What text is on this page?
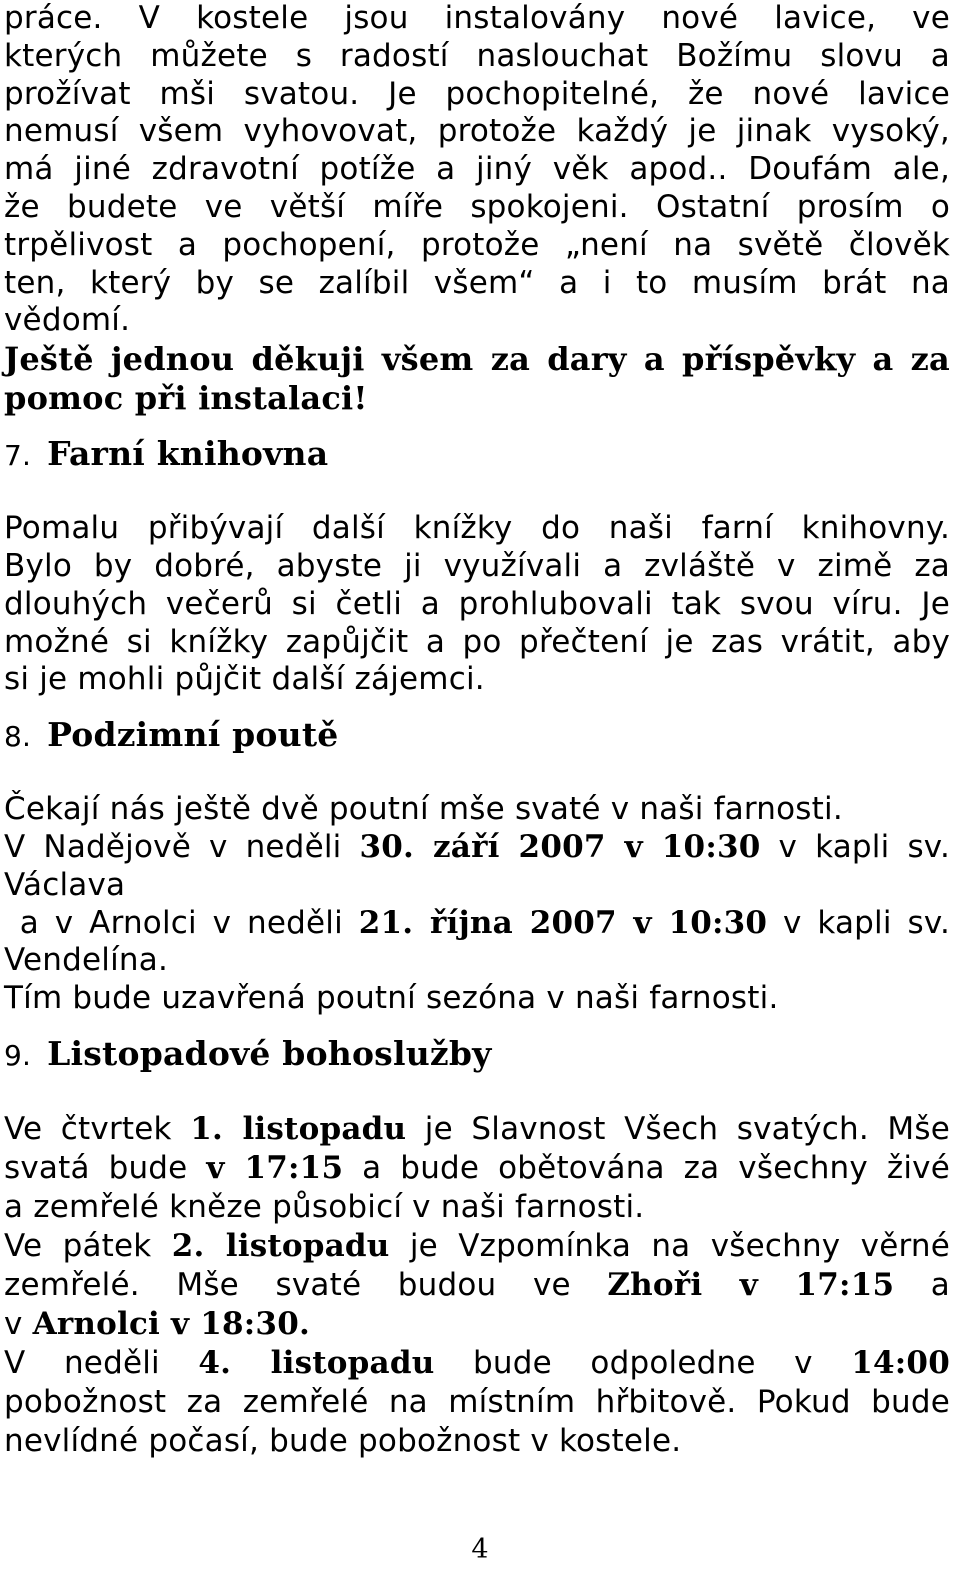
práce. V kostele jsou instalovány nové lavice, ve

kterých můžete s radostí naslouchat Božímu slovu a

prožívat mši svatou. Je pochopitelné, že nové lavice

nemusí všem vyhovovat, protože každý je jinak vysoký,

má jiné zdravotní potíže a jiný věk apod.. Doufám ale,

že budete ve větší míře spokojeni. Ostatní prosím o

trpělivost a pochopení, protože „není na světě člověk

ten, který by se zalíbil všem“ a i to musím brát na

vědomí.

Ještě jednou děkuji všem za dary a příspěvky a za

pomoc při instalaci!

7. Farní knihovna

Pomalu přibývají další knížky do naši farní knihovny.

Bylo by dobré, abyste ji využívali a zvláště v zimě za

dlouhých večerů si četli a prohlubovali tak svou víru. Je

možné si knížky zapůjčit a po přečtení je zas vrátit, aby

si je mohli půjčit další zájemci.

8. Podzimní poutě

Čekají nás ještě dvě poutní mše svaté v naši farnosti.

V Nadějově v neděli 30. září 2007 v 10:30 v kapli sv.

Václava

a v Arnolci v neděli 21. října 2007 v 10:30 v kapli sv.

Vendelína.

Tím bude uzavřená poutní sezóna v naši farnosti.

9. Listopadové bohoslužby

Ve čtvrtek 1. listopadu je Slavnost Všech svatých. Mše

svatá bude v 17:15 a bude obětována za všechny živé

a zemřelé kněze působicí v naši farnosti.

Ve pátek 2. listopadu je Vzpomínka na všechny věrné

zemřelé. Mše svaté budou ve Zhoři v 17:15 a

v Arnolci v 18:30.

V neděli 4. listopadu bude odpoledne v 14:00

pobožnost za zemřelé na místním hřbitově. Pokud bude

nevlídné počasí, bude pobožnost v kostele.

4
